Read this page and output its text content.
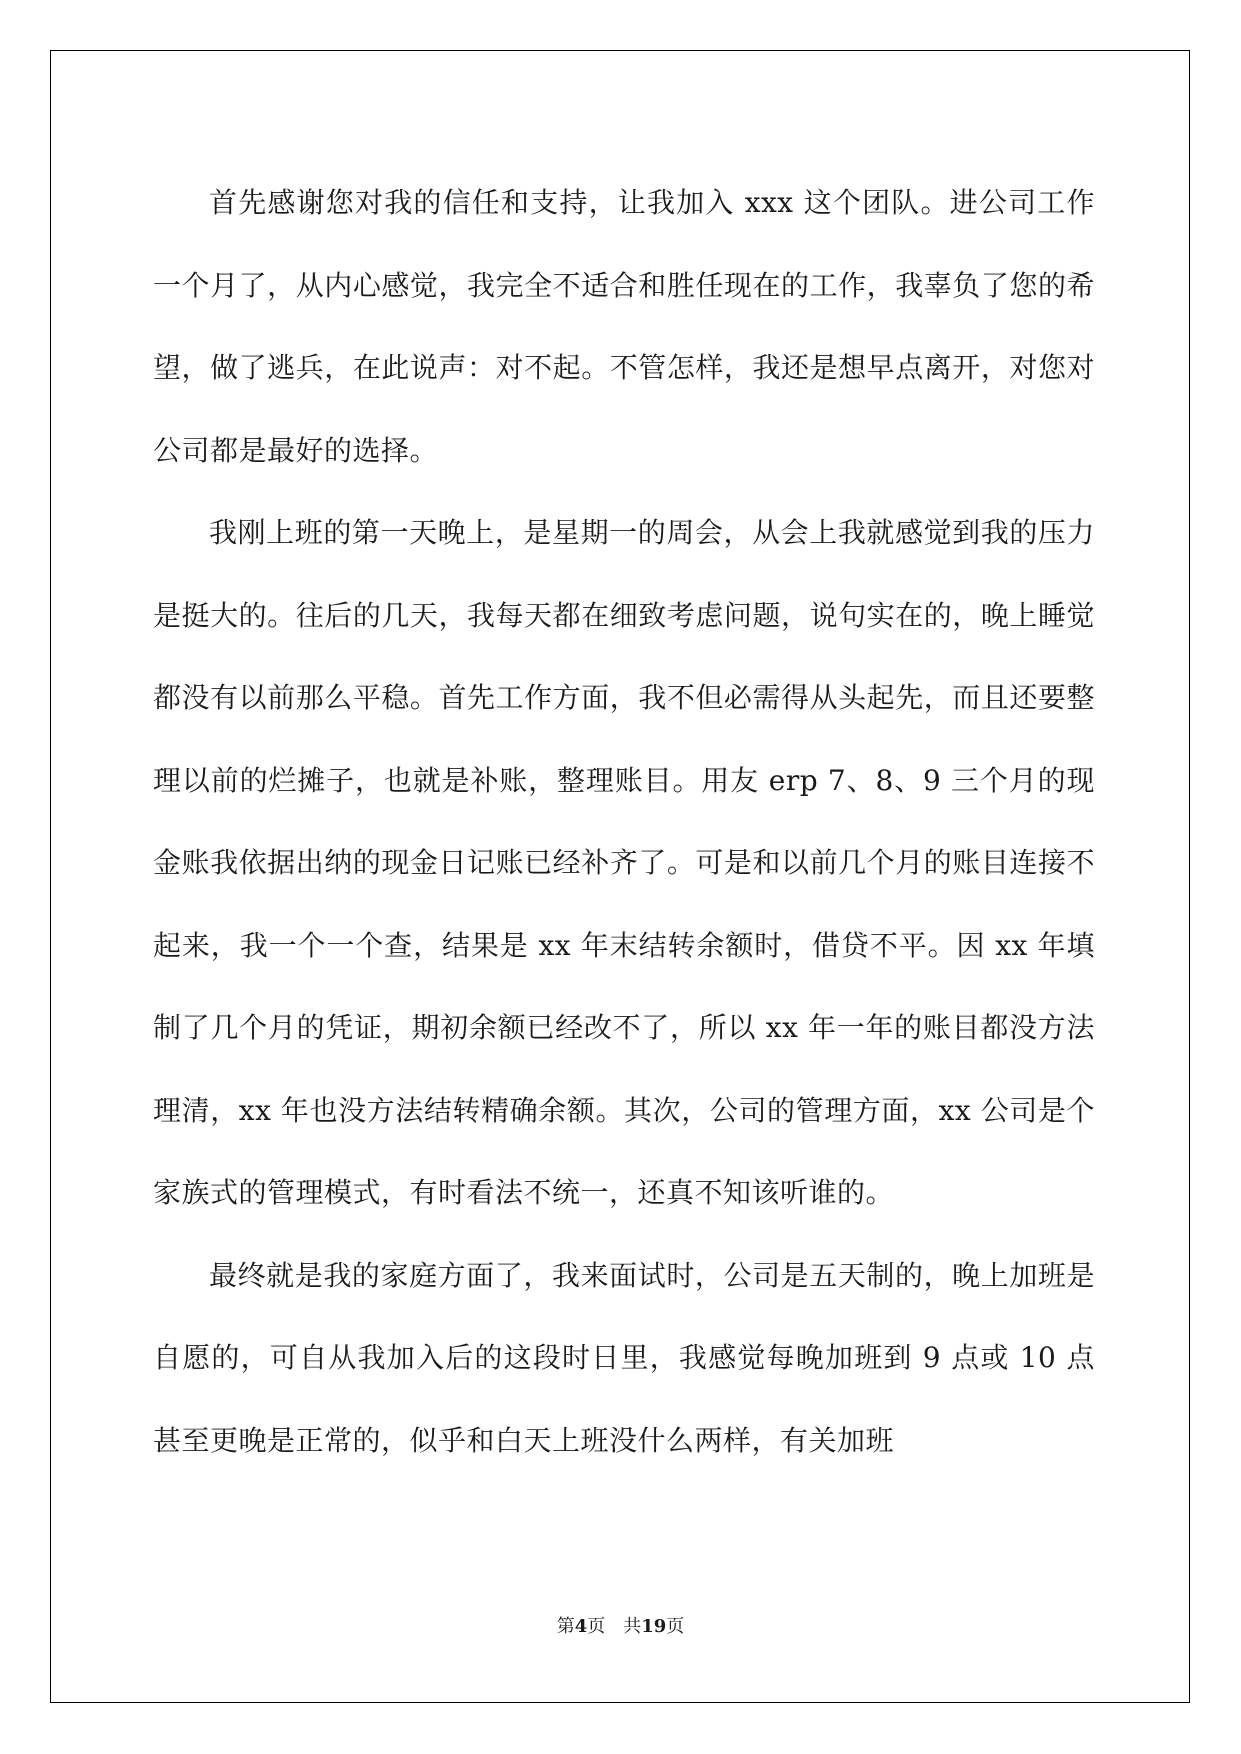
首先感谢您对我的信任和支持，让我加入 xxx 这个团队。进公司工作一个月了，从内心感觉，我完全不适合和胜任现在的工作，我辜负了您的希望，做了逃兵，在此说声：对不起。不管怎样，我还是想早点离开，对您对公司都是最好的选择。

我刚上班的第一天晚上，是星期一的周会，从会上我就感觉到我的压力是挺大的。往后的几天，我每天都在细致考虑问题，说句实在的，晚上睡觉都没有以前那么平稳。首先工作方面，我不但必需得从头起先，而且还要整理以前的烂摊子，也就是补账，整理账目。用友 erp 7、8、9 三个月的现金账我依据出纳的现金日记账已经补齐了。可是和以前几个月的账目连接不起来，我一个一个查，结果是 xx 年末结转余额时，借贷不平。因 xx 年填制了几个月的凭证，期初余额已经改不了，所以 xx 年一年的账目都没方法理清，xx 年也没方法结转精确余额。其次，公司的管理方面，xx 公司是个家族式的管理模式，有时看法不统一，还真不知该听谁的。

最终就是我的家庭方面了，我来面试时，公司是五天制的，晚上加班是自愿的，可自从我加入后的这段时日里，我感觉每晚加班到 9 点或 10 点甚至更晚是正常的，似乎和白天上班没什么两样，有关加班

第4页 共19页
